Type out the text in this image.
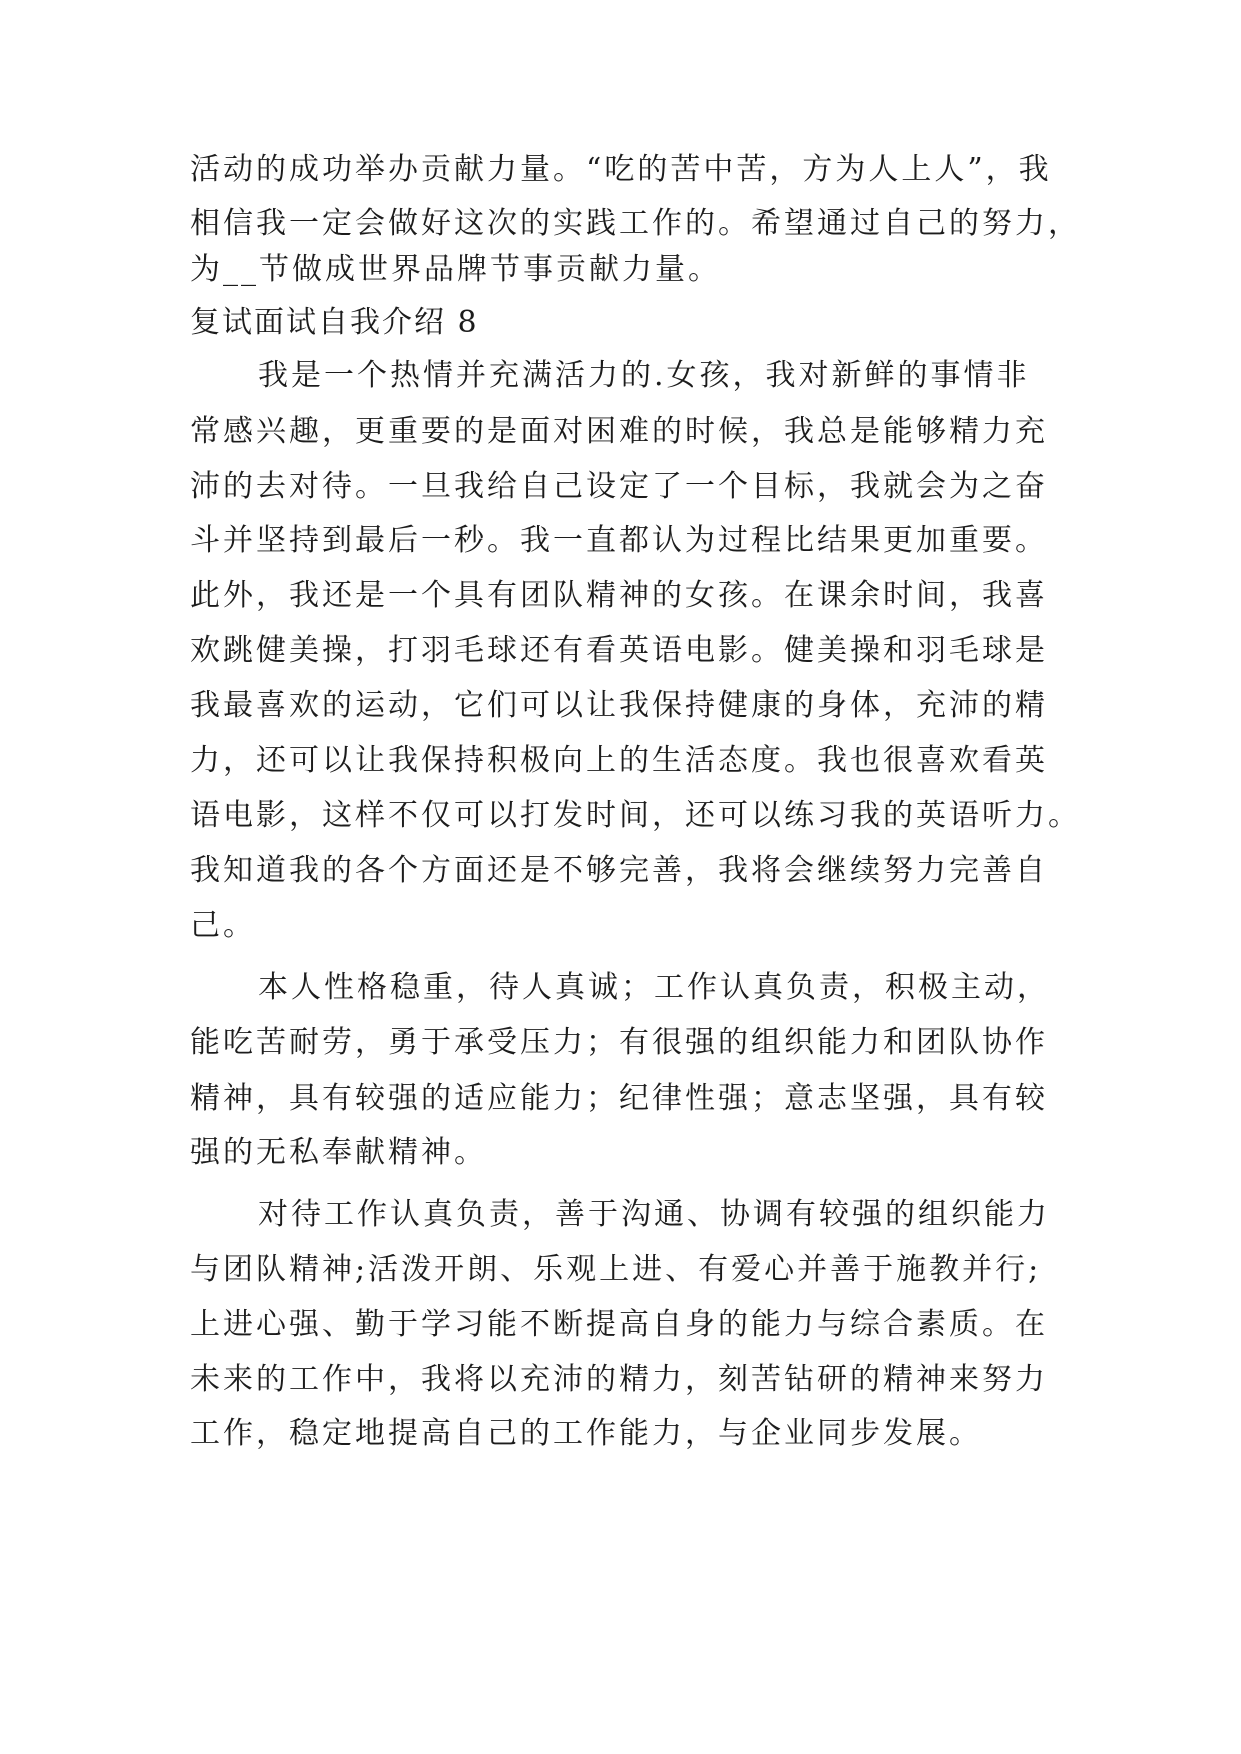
活动的成功举办贡献力量。“吃的苦中苦，方为人上人”，我
相信我一定会做好这次的实践工作的。希望通过自己的努力，
为__节做成世界品牌节事贡献力量。
复试面试自我介绍 8
我是一个热情并充满活力的.女孩，我对新鲜的事情非
常感兴趣，更重要的是面对困难的时候，我总是能够精力充
沛的去对待。一旦我给自己设定了一个目标，我就会为之奋
斗并坚持到最后一秒。我一直都认为过程比结果更加重要。
此外，我还是一个具有团队精神的女孩。在课余时间，我喜
欢跳健美操，打羽毛球还有看英语电影。健美操和羽毛球是
我最喜欢的运动，它们可以让我保持健康的身体，充沛的精
力，还可以让我保持积极向上的生活态度。我也很喜欢看英
语电影，这样不仅可以打发时间，还可以练习我的英语听力。
我知道我的各个方面还是不够完善，我将会继续努力完善自
己。
本人性格稳重，待人真诚；工作认真负责，积极主动，
能吃苦耐劳，勇于承受压力；有很强的组织能力和团队协作
精神，具有较强的适应能力；纪律性强；意志坚强，具有较
强的无私奉献精神。
对待工作认真负责，善于沟通、协调有较强的组织能力
与团队精神;活泼开朗、乐观上进、有爱心并善于施教并行;
上进心强、勤于学习能不断提高自身的能力与综合素质。在
未来的工作中，我将以充沛的精力，刻苦钻研的精神来努力
工作，稳定地提高自己的工作能力，与企业同步发展。
